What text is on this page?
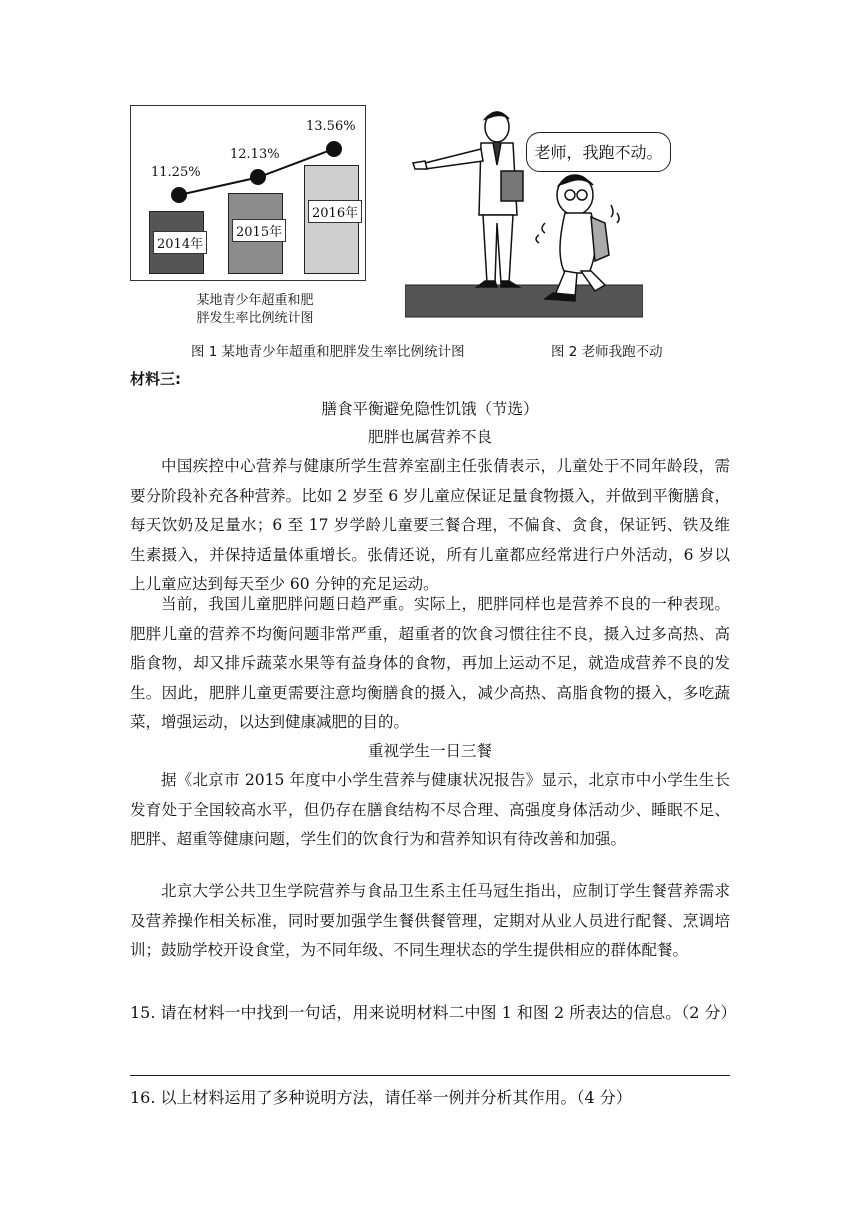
2014年
11.25%
2015年
12.13%
2016年
13.56%
某地青少年超重和肥
胖发生率比例统计图
老师，我跑不动。
图 1 某地青少年超重和肥胖发生率比例统计图	图 2 老师我跑不动
材料三:
膳食平衡避免隐性饥饿（节选）
肥胖也属营养不良
中国疾控中心营养与健康所学生营养室副主任张倩表示，儿童处于不同年龄段，需要分阶段补充各种营养。比如 2 岁至 6 岁儿童应保证足量食物摄入，并做到平衡膳食，每天饮奶及足量水；6 至 17 岁学龄儿童要三餐合理，不偏食、贪食，保证钙、铁及维生素摄入，并保持适量体重增长。张倩还说，所有儿童都应经常进行户外活动，6 岁以上儿童应达到每天至少 60 分钟的充足运动。
当前，我国儿童肥胖问题日趋严重。实际上，肥胖同样也是营养不良的一种表现。肥胖儿童的营养不均衡问题非常严重，超重者的饮食习惯往往不良，摄入过多高热、高脂食物，却又排斥蔬菜水果等有益身体的食物，再加上运动不足，就造成营养不良的发生。因此，肥胖儿童更需要注意均衡膳食的摄入，减少高热、高脂食物的摄入，多吃蔬菜，增强运动，以达到健康减肥的目的。
重视学生一日三餐
据《北京市 2015 年度中小学生营养与健康状况报告》显示，北京市中小学生生长发育处于全国较高水平，但仍存在膳食结构不尽合理、高强度身体活动少、睡眠不足、肥胖、超重等健康问题，学生们的饮食行为和营养知识有待改善和加强。
北京大学公共卫生学院营养与食品卫生系主任马冠生指出，应制订学生餐营养需求及营养操作相关标准，同时要加强学生餐供餐管理，定期对从业人员进行配餐、烹调培训；鼓励学校开设食堂，为不同年级、不同生理状态的学生提供相应的群体配餐。
15. 请在材料一中找到一句话，用来说明材料二中图 1 和图 2 所表达的信息。（2 分）
16. 以上材料运用了多种说明方法，请任举一例并分析其作用。（4 分）
